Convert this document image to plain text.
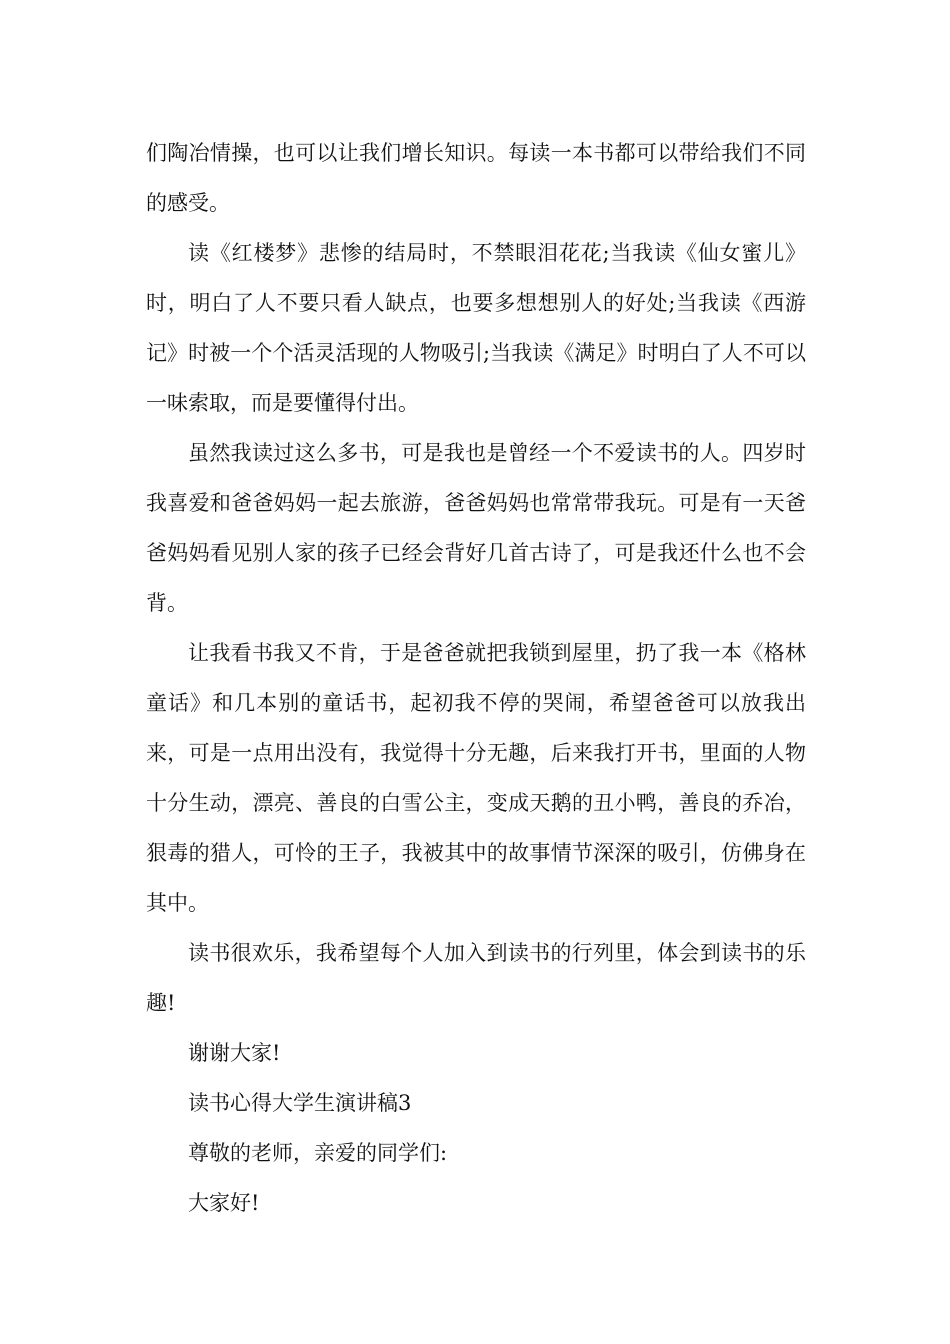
们陶冶情操，也可以让我们增长知识。每读一本书都可以带给我们不同的感受。

读《红楼梦》悲惨的结局时，不禁眼泪花花;当我读《仙女蜜儿》时，明白了人不要只看人缺点，也要多想想别人的好处;当我读《西游记》时被一个个活灵活现的人物吸引;当我读《满足》时明白了人不可以一味索取，而是要懂得付出。

虽然我读过这么多书，可是我也是曾经一个不爱读书的人。四岁时我喜爱和爸爸妈妈一起去旅游，爸爸妈妈也常常带我玩。可是有一天爸爸妈妈看见别人家的孩子已经会背好几首古诗了，可是我还什么也不会背。

让我看书我又不肯，于是爸爸就把我锁到屋里，扔了我一本《格林童话》和几本别的童话书，起初我不停的哭闹，希望爸爸可以放我出来，可是一点用出没有，我觉得十分无趣，后来我打开书，里面的人物十分生动，漂亮、善良的白雪公主，变成天鹅的丑小鸭，善良的乔冶，狠毒的猎人，可怜的王子，我被其中的故事情节深深的吸引，仿佛身在其中。

读书很欢乐，我希望每个人加入到读书的行列里，体会到读书的乐趣!

谢谢大家!

读书心得大学生演讲稿3

尊敬的老师，亲爱的同学们:

大家好!
